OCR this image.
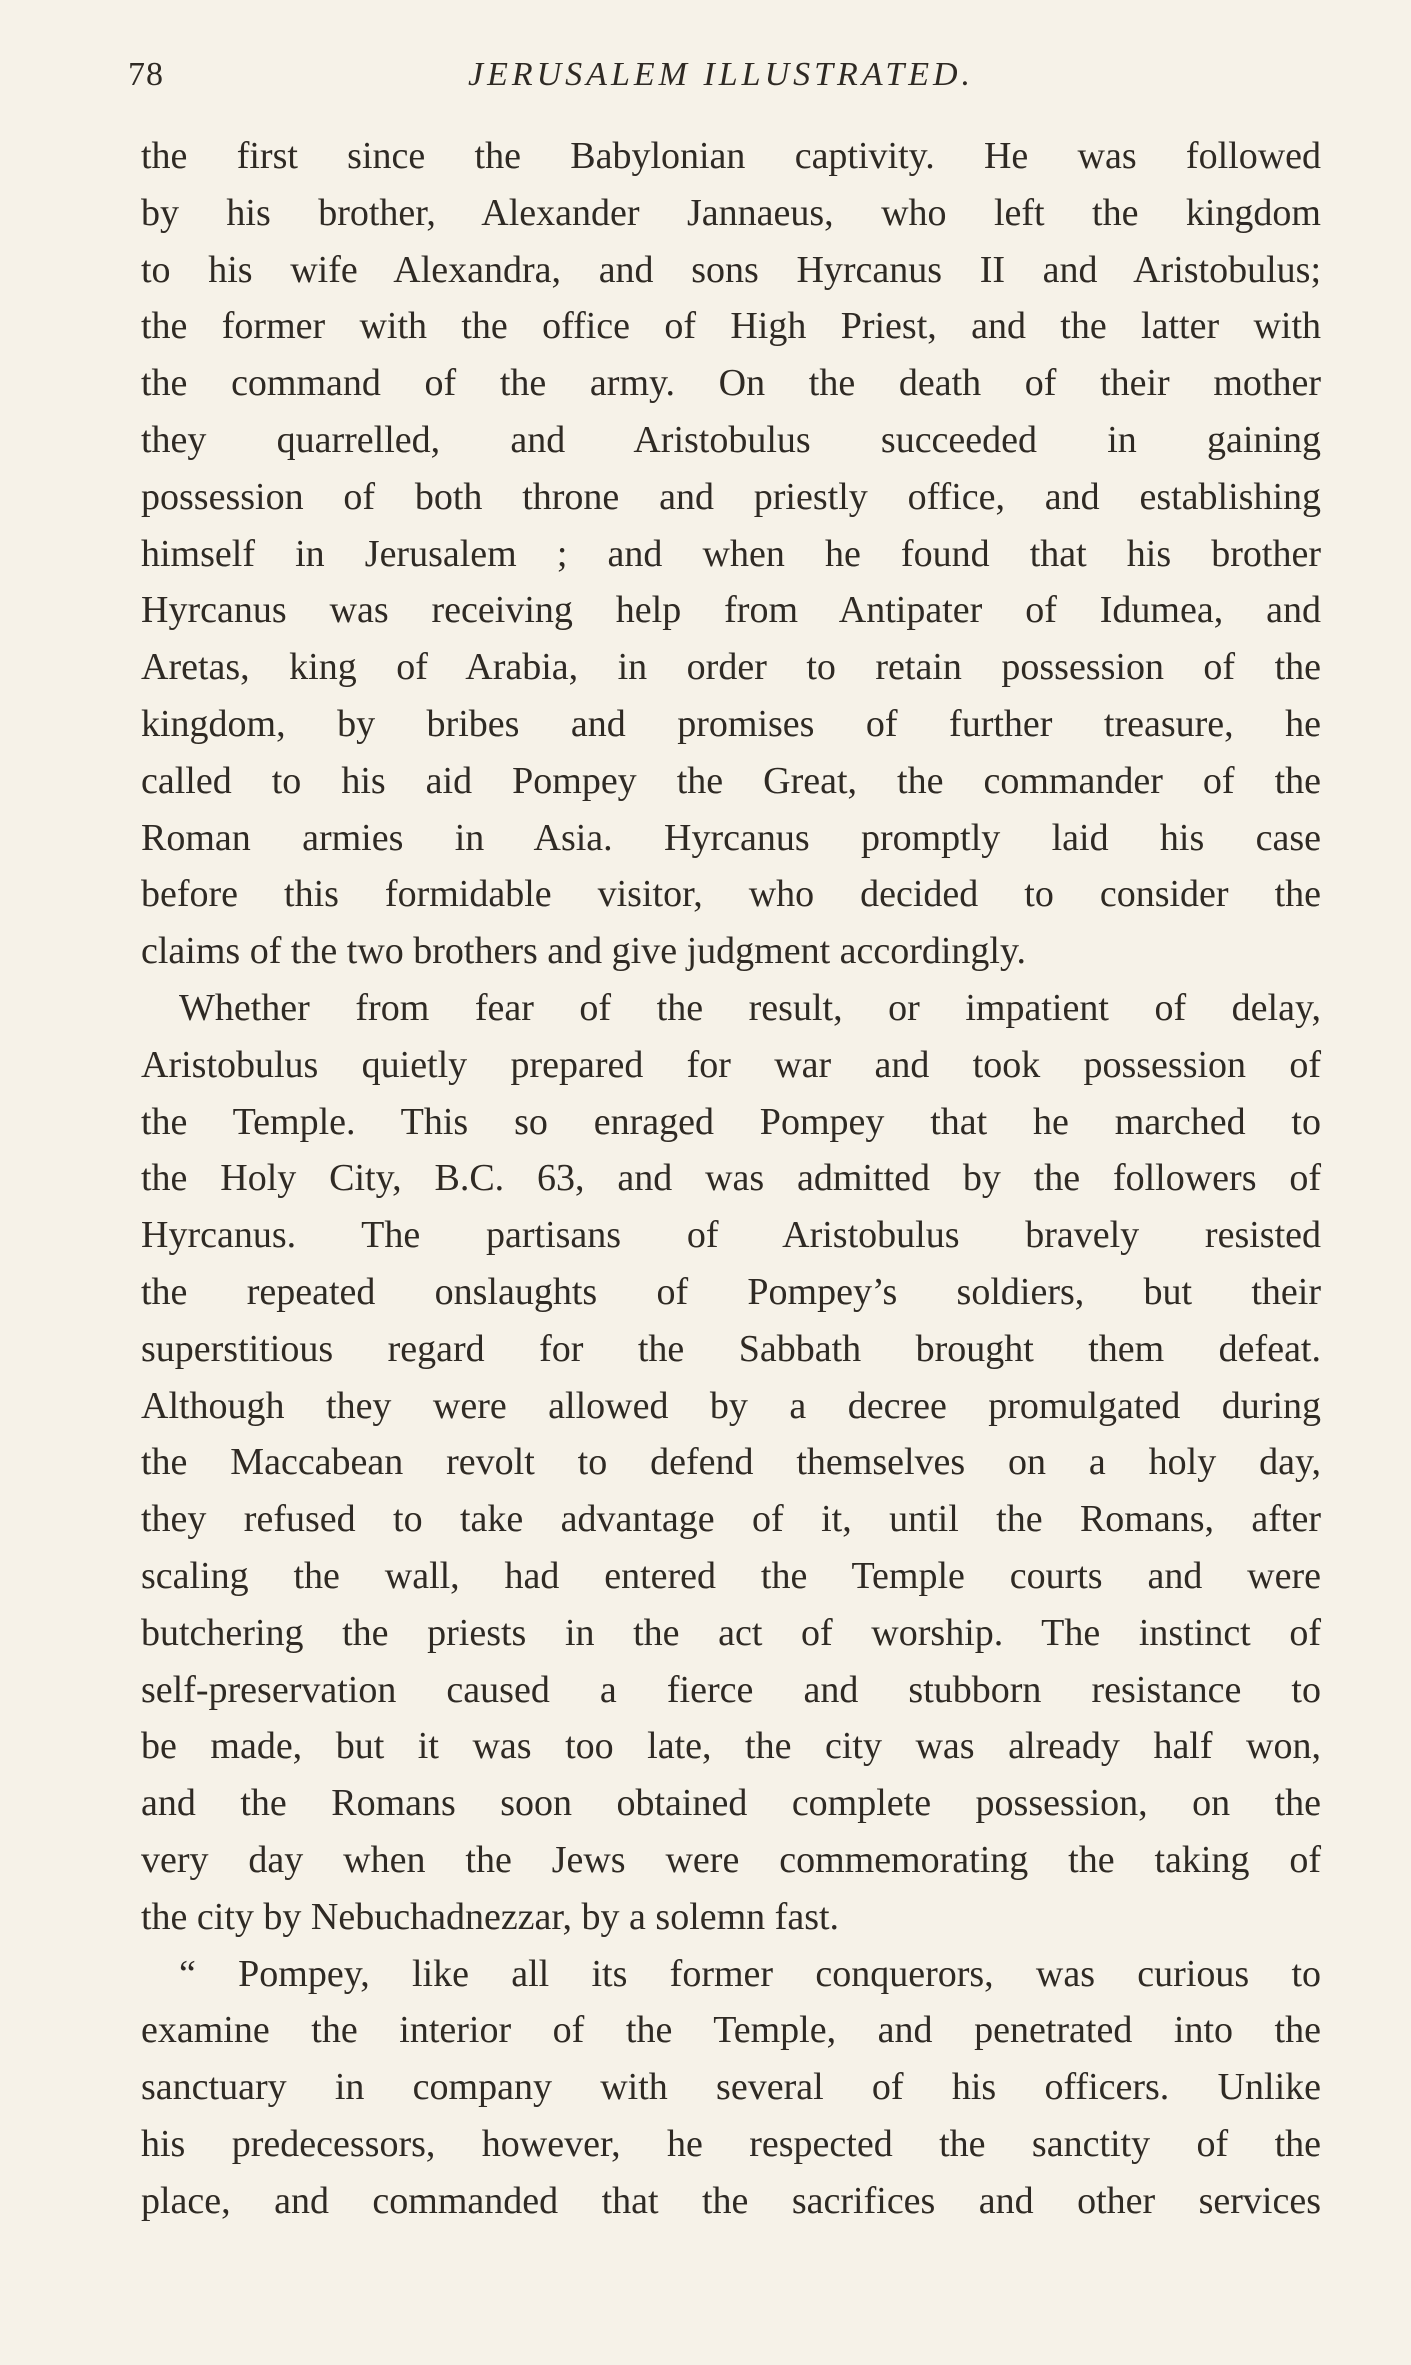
78	JERUSALEM ILLUSTRATED.
the first since the Babylonian captivity. He was followed
by his brother, Alexander Jannaeus, who left the kingdom
to his wife Alexandra, and sons Hyrcanus II and Aristobulus;
the former with the office of High Priest, and the latter with
the command of the army. On the death of their mother
they quarrelled, and Aristobulus succeeded in gaining
possession of both throne and priestly office, and establishing
himself in Jerusalem ; and when he found that his brother
Hyrcanus was receiving help from Antipater of Idumea, and
Aretas, king of Arabia, in order to retain possession of the
kingdom, by bribes and promises of further treasure, he
called to his aid Pompey the Great, the commander of the
Roman armies in Asia. Hyrcanus promptly laid his case
before this formidable visitor, who decided to consider the
claims of the two brothers and give judgment accordingly.
Whether from fear of the result, or impatient of delay,
Aristobulus quietly prepared for war and took possession of
the Temple. This so enraged Pompey that he marched to
the Holy City, B.C. 63, and was admitted by the followers of
Hyrcanus. The partisans of Aristobulus bravely resisted
the repeated onslaughts of Pompey’s soldiers, but their
superstitious regard for the Sabbath brought them defeat.
Although they were allowed by a decree promulgated during
the Maccabean revolt to defend themselves on a holy day,
they refused to take advantage of it, until the Romans, after
scaling the wall, had entered the Temple courts and were
butchering the priests in the act of worship. The instinct of
self-preservation caused a fierce and stubborn resistance to
be made, but it was too late, the city was already half won,
and the Romans soon obtained complete possession, on the
very day when the Jews were commemorating the taking of
the city by Nebuchadnezzar, by a solemn fast.
“ Pompey, like all its former conquerors, was curious to
examine the interior of the Temple, and penetrated into the
sanctuary in company with several of his officers. Unlike
his predecessors, however, he respected the sanctity of the
place, and commanded that the sacrifices and other services
